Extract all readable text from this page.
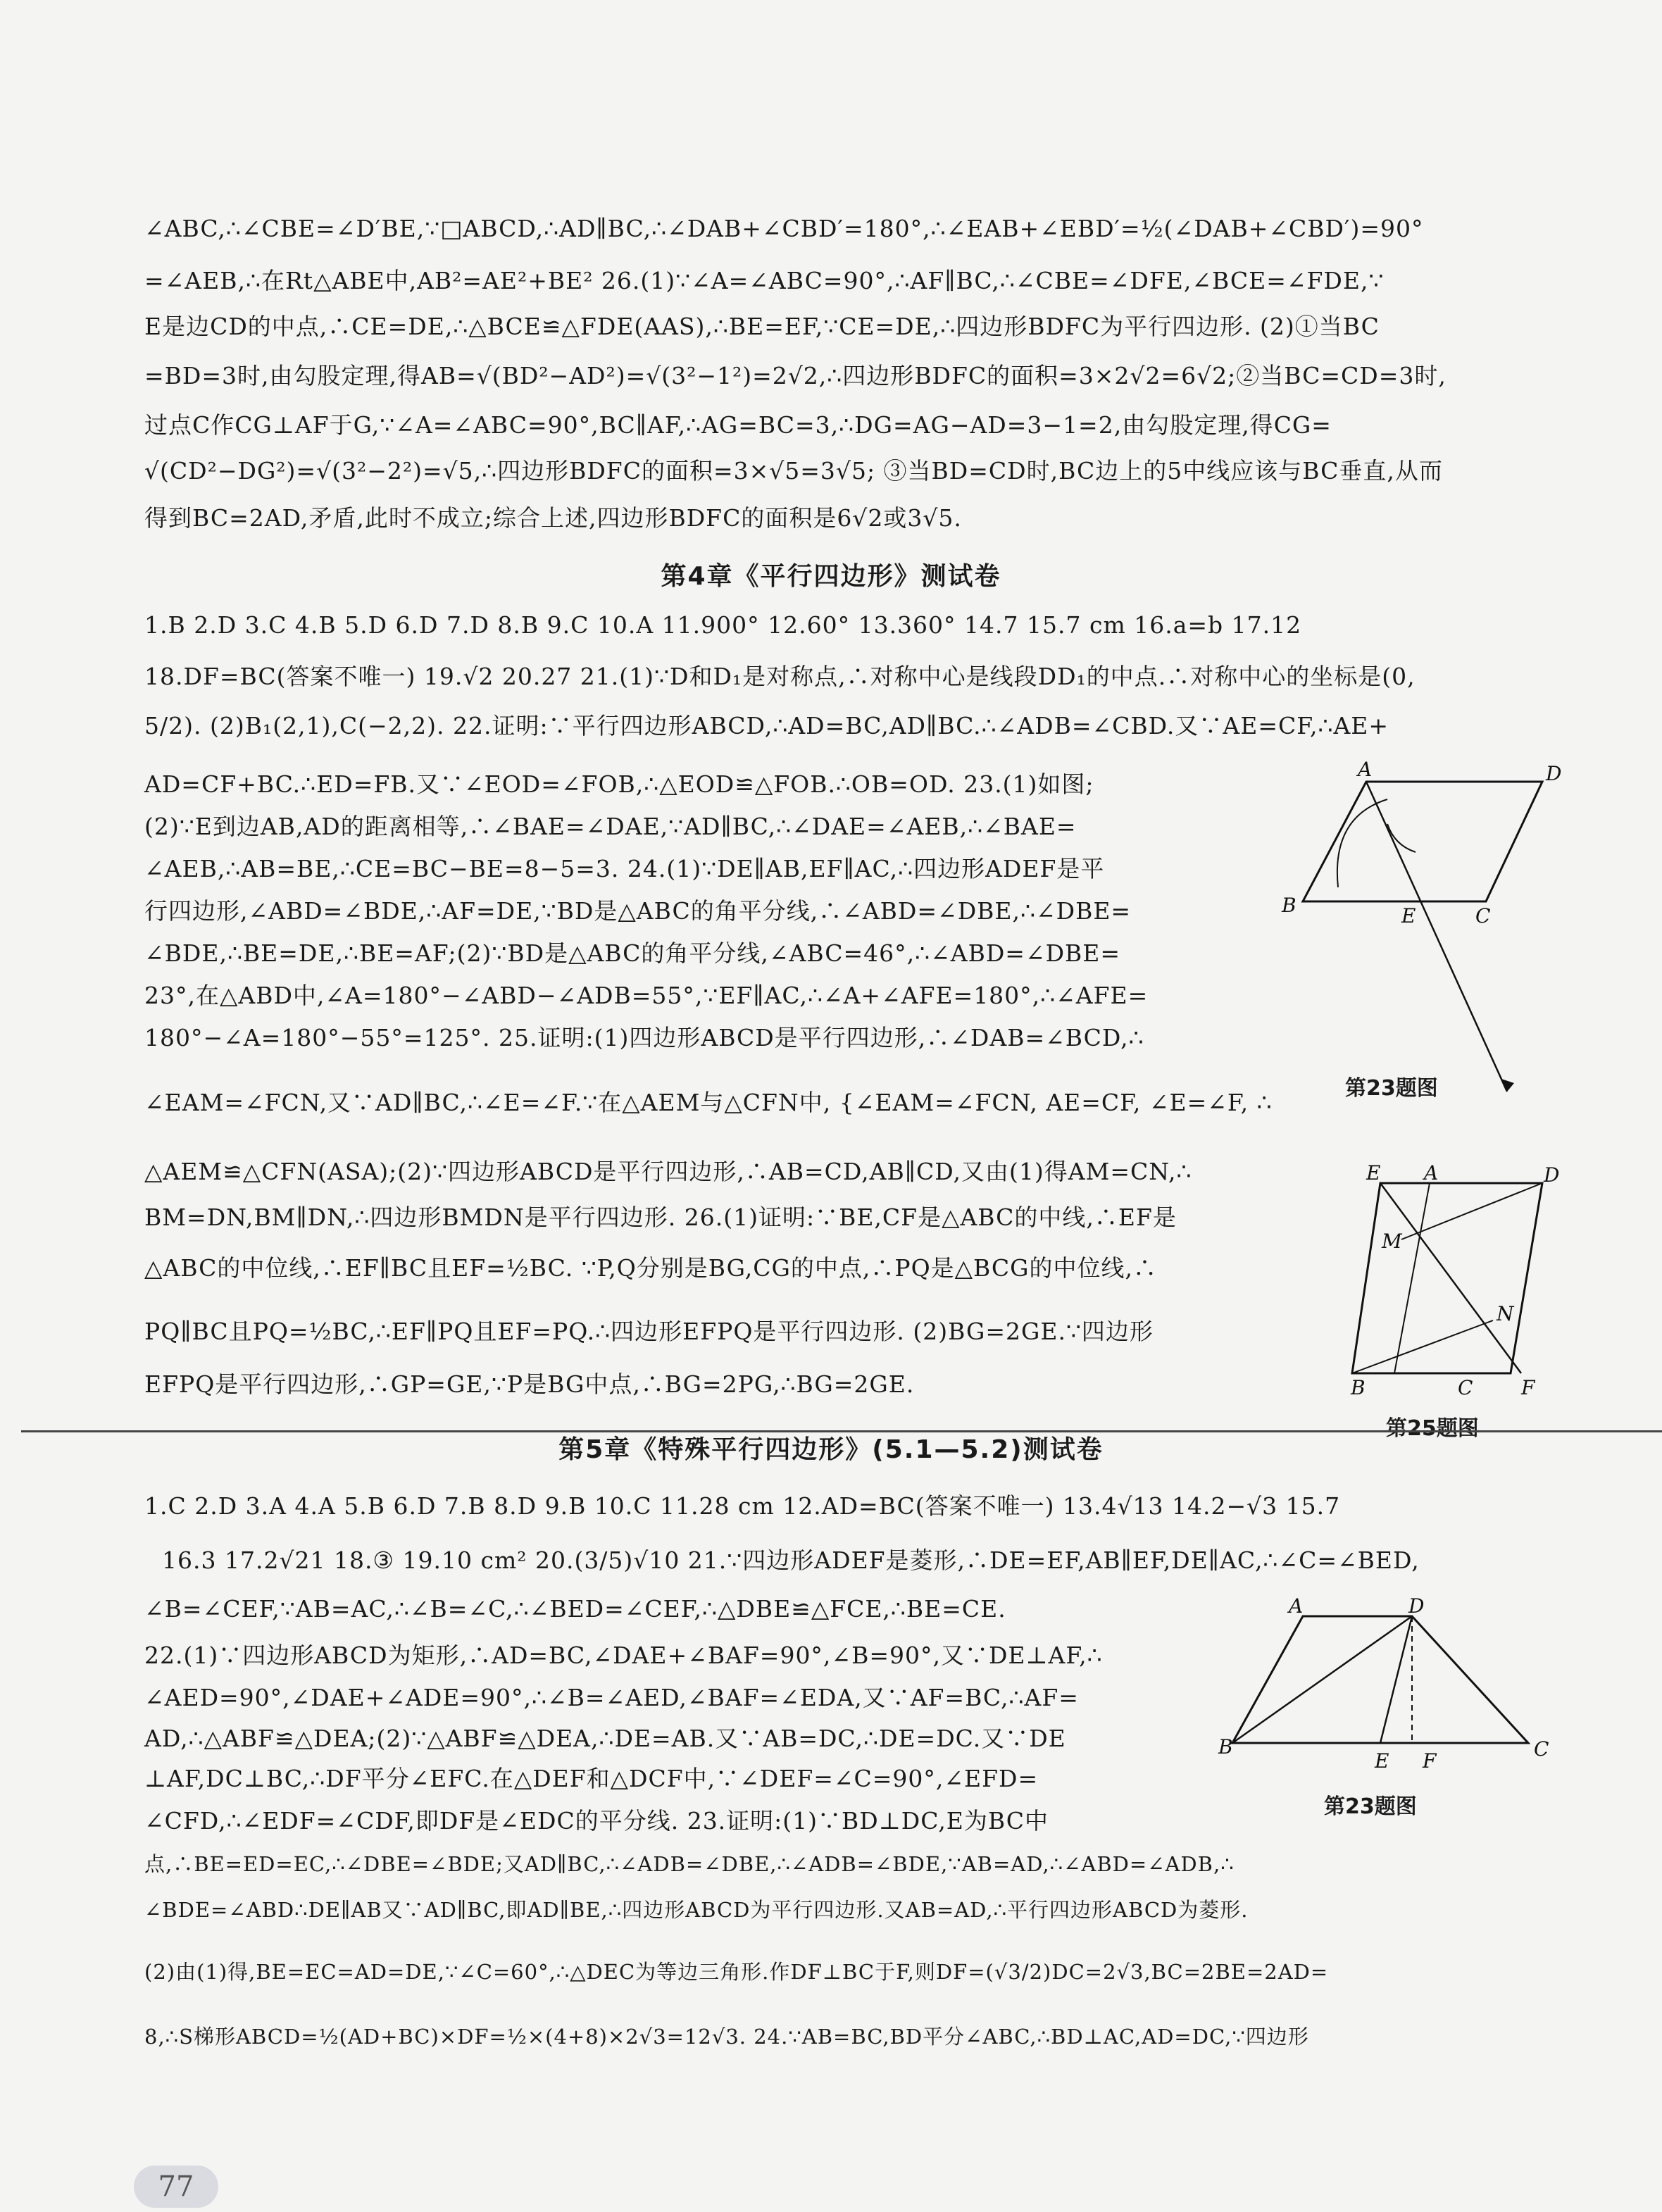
∠ABC,∴∠CBE=∠D′BE,∵□ABCD,∴AD∥BC,∴∠DAB+∠CBD′=180°,∴∠EAB+∠EBD′=½(∠DAB+∠CBD′)=90°
=∠AEB,∴在Rt△ABE中,AB²=AE²+BE² 26.(1)∵∠A=∠ABC=90°,∴AF∥BC,∴∠CBE=∠DFE,∠BCE=∠FDE,∵
E是边CD的中点,∴CE=DE,∴△BCE≌△FDE(AAS),∴BE=EF,∵CE=DE,∴四边形BDFC为平行四边形. (2)①当BC
=BD=3时,由勾股定理,得AB=√(BD²−AD²)=√(3²−1²)=2√2,∴四边形BDFC的面积=3×2√2=6√2;②当BC=CD=3时,
过点C作CG⊥AF于G,∵∠A=∠ABC=90°,BC∥AF,∴AG=BC=3,∴DG=AG−AD=3−1=2,由勾股定理,得CG=
√(CD²−DG²)=√(3²−2²)=√5,∴四边形BDFC的面积=3×√5=3√5; ③当BD=CD时,BC边上的5中线应该与BC垂直,从而
得到BC=2AD,矛盾,此时不成立;综合上述,四边形BDFC的面积是6√2或3√5.
第4章《平行四边形》测试卷
1.B 2.D 3.C 4.B 5.D 6.D 7.D 8.B 9.C 10.A 11.900° 12.60° 13.360° 14.7 15.7 cm 16.a=b 17.12
18.DF=BC(答案不唯一) 19.√2 20.27 21.(1)∵D和D₁是对称点,∴对称中心是线段DD₁的中点.∴对称中心的坐标是(0,
5/2). (2)B₁(2,1),C(−2,2). 22.证明:∵平行四边形ABCD,∴AD=BC,AD∥BC.∴∠ADB=∠CBD.又∵AE=CF,∴AE+
AD=CF+BC.∴ED=FB.又∵∠EOD=∠FOB,∴△EOD≌△FOB.∴OB=OD. 23.(1)如图;
(2)∵E到边AB,AD的距离相等,∴∠BAE=∠DAE,∵AD∥BC,∴∠DAE=∠AEB,∴∠BAE=
∠AEB,∴AB=BE,∴CE=BC−BE=8−5=3. 24.(1)∵DE∥AB,EF∥AC,∴四边形ADEF是平
行四边形,∠ABD=∠BDE,∴AF=DE,∵BD是△ABC的角平分线,∴∠ABD=∠DBE,∴∠DBE=
∠BDE,∴BE=DE,∴BE=AF;(2)∵BD是△ABC的角平分线,∠ABC=46°,∴∠ABD=∠DBE=
23°,在△ABD中,∠A=180°−∠ABD−∠ADB=55°,∵EF∥AC,∴∠A+∠AFE=180°,∴∠AFE=
180°−∠A=180°−55°=125°. 25.证明:(1)四边形ABCD是平行四边形,∴∠DAB=∠BCD,∴
∠EAM=∠FCN,又∵AD∥BC,∴∠E=∠F.∵在△AEM与△CFN中, {∠EAM=∠FCN, AE=CF, ∠E=∠F, ∴
△AEM≌△CFN(ASA);(2)∵四边形ABCD是平行四边形,∴AB=CD,AB∥CD,又由(1)得AM=CN,∴
BM=DN,BM∥DN,∴四边形BMDN是平行四边形. 26.(1)证明:∵BE,CF是△ABC的中线,∴EF是
△ABC的中位线,∴EF∥BC且EF=½BC. ∵P,Q分别是BG,CG的中点,∴PQ是△BCG的中位线,∴
PQ∥BC且PQ=½BC,∴EF∥PQ且EF=PQ.∴四边形EFPQ是平行四边形. (2)BG=2GE.∵四边形
EFPQ是平行四边形,∴GP=GE,∵P是BG中点,∴BG=2PG,∴BG=2GE.
A	D
B	E	C
第23题图
E A	D
M
N
B	C F
第25题图
第5章《特殊平行四边形》(5.1—5.2)测试卷
1.C 2.D 3.A 4.A 5.B 6.D 7.B 8.D 9.B 10.C 11.28 cm 12.AD=BC(答案不唯一) 13.4√13 14.2−√3 15.7
16.3 17.2√21 18.③ 19.10 cm² 20.(3/5)√10 21.∵四边形ADEF是菱形,∴DE=EF,AB∥EF,DE∥AC,∴∠C=∠BED,
∠B=∠CEF,∵AB=AC,∴∠B=∠C,∴∠BED=∠CEF,∴△DBE≌△FCE,∴BE=CE.
22.(1)∵四边形ABCD为矩形,∴AD=BC,∠DAE+∠BAF=90°,∠B=90°,又∵DE⊥AF,∴
∠AED=90°,∠DAE+∠ADE=90°,∴∠B=∠AED,∠BAF=∠EDA,又∵AF=BC,∴AF=
AD,∴△ABF≌△DEA;(2)∵△ABF≌△DEA,∴DE=AB.又∵AB=DC,∴DE=DC.又∵DE
⊥AF,DC⊥BC,∴DF平分∠EFC.在△DEF和△DCF中,∵∠DEF=∠C=90°,∠EFD=
∠CFD,∴∠EDF=∠CDF,即DF是∠EDC的平分线. 23.证明:(1)∵BD⊥DC,E为BC中
点,∴BE=ED=EC,∴∠DBE=∠BDE;又AD∥BC,∴∠ADB=∠DBE,∴∠ADB=∠BDE,∵AB=AD,∴∠ABD=∠ADB,∴
∠BDE=∠ABD∴DE∥AB又∵AD∥BC,即AD∥BE,∴四边形ABCD为平行四边形.又AB=AD,∴平行四边形ABCD为菱形.
(2)由(1)得,BE=EC=AD=DE,∵∠C=60°,∴△DEC为等边三角形.作DF⊥BC于F,则DF=(√3/2)DC=2√3,BC=2BE=2AD=
8,∴S梯形ABCD=½(AD+BC)×DF=½×(4+8)×2√3=12√3. 24.∵AB=BC,BD平分∠ABC,∴BD⊥AC,AD=DC,∵四边形
A	D
B
E F
C
第23题图
77
